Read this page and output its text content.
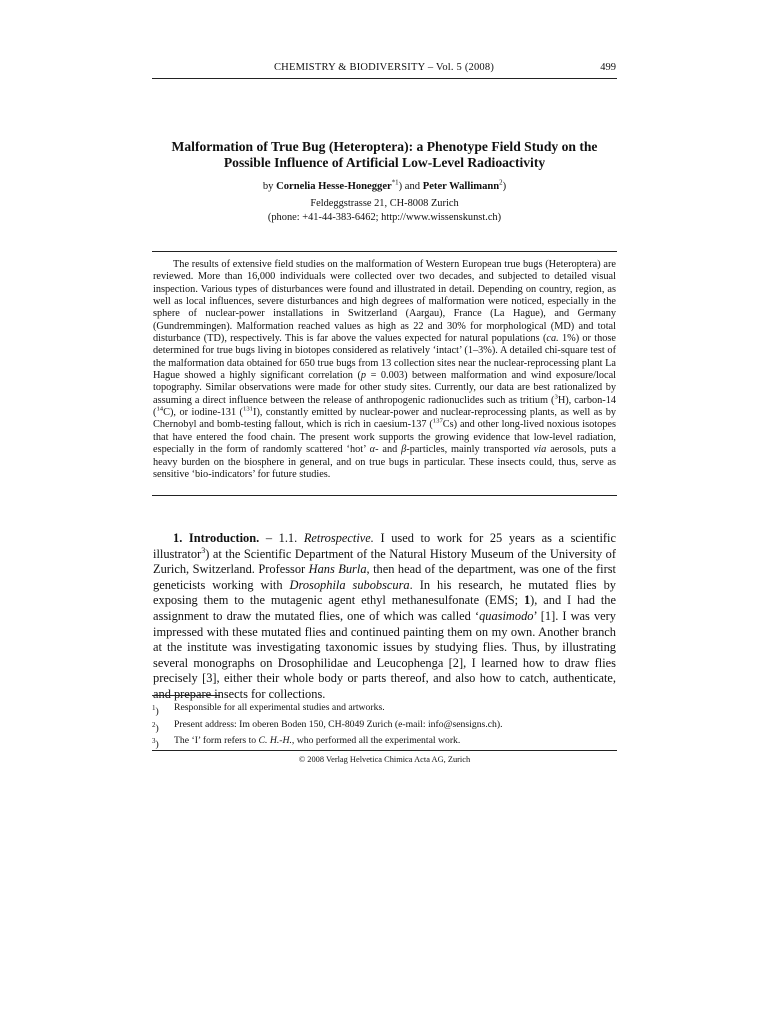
CHEMISTRY & BIODIVERSITY – Vol. 5 (2008)	499
Malformation of True Bug (Heteroptera): a Phenotype Field Study on the Possible Influence of Artificial Low-Level Radioactivity
by Cornelia Hesse-Honegger$^{*1}$) and Peter Wallimann$^2$)
Feldeggstrasse 21, CH-8008 Zurich
(phone: +41-44-383-6462; http://www.wissenskunst.ch)

The results of extensive field studies on the malformation of Western European true bugs (Heteroptera) are reviewed. More than 16,000 individuals were collected over two decades, and subjected to detailed visual inspection. Various types of disturbances were found and illustrated in detail. Depending on country, region, as well as local influences, severe disturbances and high degrees of malformation were noticed, especially in the sphere of nuclear-power installations in Switzerland (Aargau), France (La Hague), and Germany (Gundremmingen). Malformation reached values as high as 22 and 30% for morphological (MD) and total disturbance (TD), respectively. This is far above the values expected for natural populations (ca. 1%) or those determined for true bugs living in biotopes considered as relatively ‘intact’ (1–3%). A detailed chi-square test of the malformation data obtained for 650 true bugs from 13 collection sites near the nuclear-reprocessing plant La Hague showed a highly significant correlation (p = 0.003) between malformation and wind exposure/local topography. Similar observations were made for other study sites. Currently, our data are best rationalized by assuming a direct influence between the release of anthropogenic radionuclides such as tritium ($^3$H), carbon-14 ($^{14}$C), or iodine-131 ($^{131}$I), constantly emitted by nuclear-power and nuclear-reprocessing plants, as well as by Chernobyl and bomb-testing fallout, which is rich in caesium-137 ($^{137}$Cs) and other long-lived noxious isotopes that have entered the food chain. The present work supports the growing evidence that low-level radiation, especially in the form of randomly scattered ‘hot’ α- and β-particles, mainly transported via aerosols, puts a heavy burden on the biosphere in general, and on true bugs in particular. These insects could, thus, serve as sensitive ‘bio-indicators’ for future studies.

1. Introduction. – 1.1. Retrospective. I used to work for 25 years as a scientific illustrator$^3$) at the Scientific Department of the Natural History Museum of the University of Zurich, Switzerland. Professor Hans Burla, then head of the department, was one of the first geneticists working with Drosophila subobscura. In his research, he mutated flies by exposing them to the mutagenic agent ethyl methanesulfonate (EMS; 1), and I had the assignment to draw the mutated flies, one of which was called ‘quasimodo’ [1]. I was very impressed with these mutated flies and continued painting them on my own. Another branch at the institute was investigating taxonomic issues by studying flies. Thus, by illustrating several monographs on Drosophilidae and Leucophenga [2], I learned how to draw flies precisely [3], either their whole body or parts thereof, and also how to catch, authenticate, and prepare insects for collections.

$^1$)	Responsible for all experimental studies and artworks.
$^2$)	Present address: Im oberen Boden 150, CH-8049 Zurich (e-mail: info@sensigns.ch).
$^3$)	The ‘I’ form refers to C. H.-H., who performed all the experimental work.
© 2008 Verlag Helvetica Chimica Acta AG, Zurich
